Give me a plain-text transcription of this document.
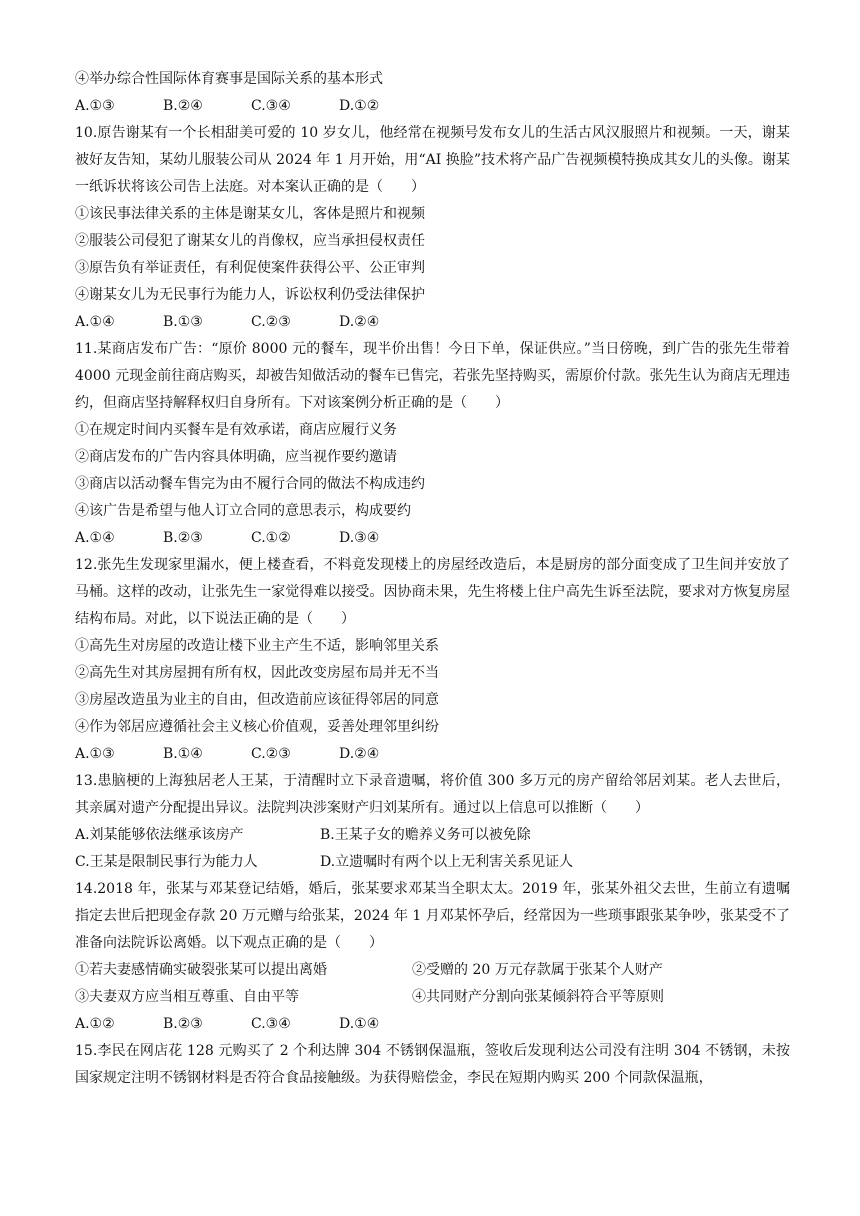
④举办综合性国际体育赛事是国际关系的基本形式
A.①③	B.②④	C.③④	D.①②
10.原告谢某有一个长相甜美可爱的 10 岁女儿，他经常在视频号发布女儿的生活古风汉服照片和视频。一天，谢某被好友告知，某幼儿服装公司从 2024 年 1 月开始，用“AI 换脸”技术将产品广告视频模特换成其女儿的头像。谢某一纸诉状将该公司告上法庭。对本案认正确的是（　　）
①该民事法律关系的主体是谢某女儿，客体是照片和视频
②服装公司侵犯了谢某女儿的肖像权，应当承担侵权责任
③原告负有举证责任，有利促使案件获得公平、公正审判
④谢某女儿为无民事行为能力人，诉讼权利仍受法律保护
A.①④	B.①③	C.②③	D.②④
11.某商店发布广告：“原价 8000 元的餐车，现半价出售！今日下单，保证供应。”当日傍晚，到广告的张先生带着 4000 元现金前往商店购买，却被告知做活动的餐车已售完，若张先坚持购买，需原价付款。张先生认为商店无理违约，但商店坚持解释权归自身所有。下对该案例分析正确的是（　　）
①在规定时间内买餐车是有效承诺，商店应履行义务
②商店发布的广告内容具体明确，应当视作要约邀请
③商店以活动餐车售完为由不履行合同的做法不构成违约
④该广告是希望与他人订立合同的意思表示，构成要约
A.①④	B.②③	C.①②	D.③④
12.张先生发现家里漏水，便上楼查看，不料竟发现楼上的房屋经改造后，本是厨房的部分面变成了卫生间并安放了马桶。这样的改动，让张先生一家觉得难以接受。因协商未果，先生将楼上住户高先生诉至法院，要求对方恢复房屋结构布局。对此，以下说法正确的是（　　）
①高先生对房屋的改造让楼下业主产生不适，影响邻里关系
②高先生对其房屋拥有所有权，因此改变房屋布局并无不当
③房屋改造虽为业主的自由，但改造前应该征得邻居的同意
④作为邻居应遵循社会主义核心价值观，妥善处理邻里纠纷
A.①③	B.①④	C.②③	D.②④
13.患脑梗的上海独居老人王某，于清醒时立下录音遗嘱，将价值 300 多万元的房产留给邻居刘某。老人去世后，其亲属对遗产分配提出异议。法院判决涉案财产归刘某所有。通过以上信息可以推断（　　）
A.刘某能够依法继承该房产	B.王某子女的赡养义务可以被免除
C.王某是限制民事行为能力人	D.立遗嘱时有两个以上无利害关系见证人
14.2018 年，张某与邓某登记结婚，婚后，张某要求邓某当全职太太。2019 年，张某外祖父去世，生前立有遗嘱指定去世后把现金存款 20 万元赠与给张某，2024 年 1 月邓某怀孕后，经常因为一些琐事跟张某争吵，张某受不了准备向法院诉讼离婚。以下观点正确的是（　　）
①若夫妻感情确实破裂张某可以提出离婚	②受赠的 20 万元存款属于张某个人财产
③夫妻双方应当相互尊重、自由平等	④共同财产分割向张某倾斜符合平等原则
A.①②	B.②③	C.③④	D.①④
15.李民在网店花 128 元购买了 2 个利达牌 304 不锈钢保温瓶，签收后发现利达公司没有注明 304 不锈钢，未按国家规定注明不锈钢材料是否符合食品接触级。为获得赔偿金，李民在短期内购买 200 个同款保温瓶，
